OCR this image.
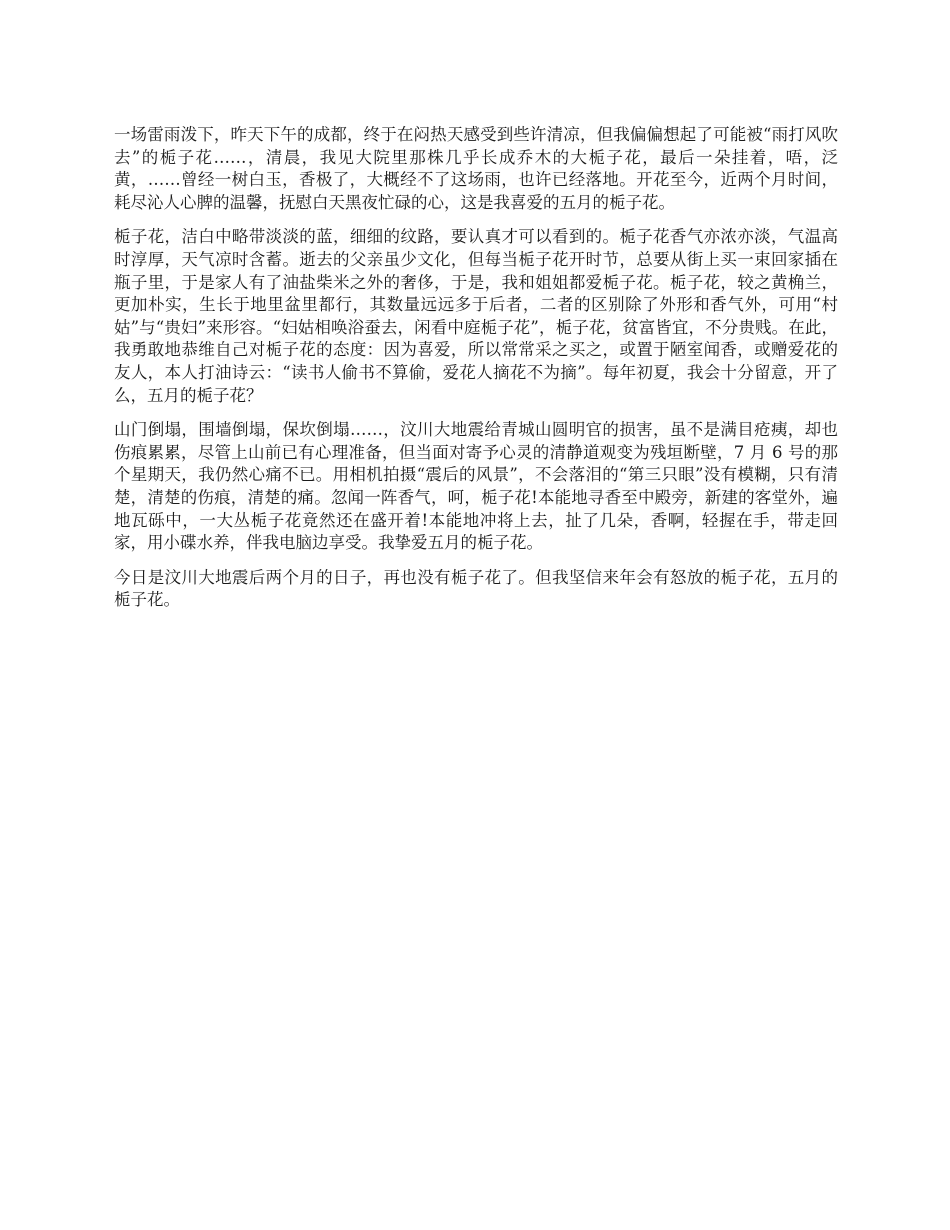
一场雷雨泼下，昨天下午的成都，终于在闷热天感受到些许清凉，但我偏偏想起了可能被“雨打风吹去”的栀子花……，清晨，我见大院里那株几乎长成乔木的大栀子花，最后一朵挂着，唔，泛黄，……曾经一树白玉，香极了，大概经不了这场雨，也许已经落地。开花至今，近两个月时间，耗尽沁人心脾的温馨，抚慰白天黑夜忙碌的心，这是我喜爱的五月的栀子花。

栀子花，洁白中略带淡淡的蓝，细细的纹路，要认真才可以看到的。栀子花香气亦浓亦淡，气温高时淳厚，天气凉时含蓄。逝去的父亲虽少文化，但每当栀子花开时节，总要从街上买一束回家插在瓶子里，于是家人有了油盐柴米之外的奢侈，于是，我和姐姐都爱栀子花。栀子花，较之黄桷兰，更加朴实，生长于地里盆里都行，其数量远远多于后者，二者的区别除了外形和香气外，可用“村姑”与“贵妇”来形容。“妇姑相唤浴蚕去，闲看中庭栀子花”，栀子花，贫富皆宜，不分贵贱。在此，我勇敢地恭维自己对栀子花的态度：因为喜爱，所以常常采之买之，或置于陋室闻香，或赠爱花的友人，本人打油诗云：“读书人偷书不算偷，爱花人摘花不为摘”。每年初夏，我会十分留意，开了么，五月的栀子花？

山门倒塌，围墙倒塌，保坎倒塌……，汶川大地震给青城山圆明官的损害，虽不是满目疮痍，却也伤痕累累，尽管上山前已有心理准备，但当面对寄予心灵的清静道观变为残垣断壁，7 月 6 号的那个星期天，我仍然心痛不已。用相机拍摄“震后的风景”，不会落泪的“第三只眼”没有模糊，只有清楚，清楚的伤痕，清楚的痛。忽闻一阵香气，呵，栀子花!本能地寻香至中殿旁，新建的客堂外，遍地瓦砾中，一大丛栀子花竟然还在盛开着!本能地冲将上去，扯了几朵，香啊，轻握在手，带走回家，用小碟水养，伴我电脑边享受。我挚爱五月的栀子花。

今日是汶川大地震后两个月的日子，再也没有栀子花了。但我坚信来年会有怒放的栀子花，五月的栀子花。
